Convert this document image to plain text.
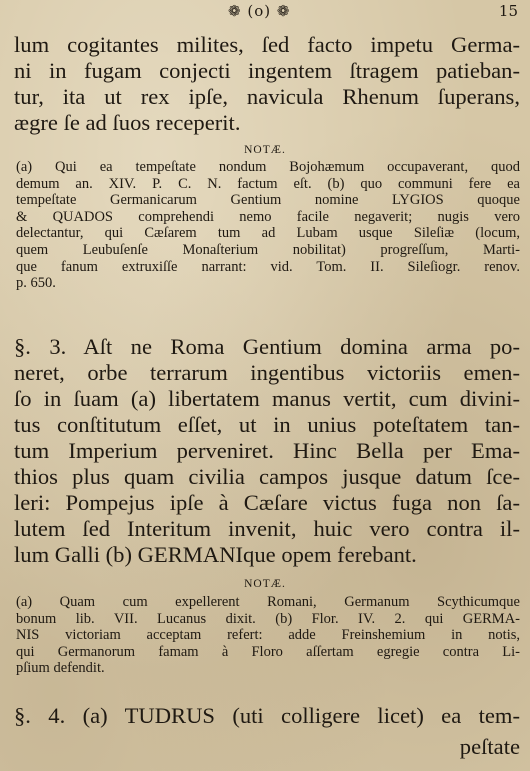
❁ (o) ❁	15
lum cogitantes milites, ſed facto impetu Germa-
ni in fugam conjecti ingentem ſtragem patieban-
tur, ita ut rex ipſe, navicula Rhenum ſuperans,
ægre ſe ad ſuos receperit.
NOTÆ.
(a) Qui ea tempeſtate nondum Bojohæmum occupaverant, quod
demum an. XIV. P. C. N. factum eſt. (b) quo communi fere ea
tempeſtate Germanicarum Gentium nomine LYGIOS quoque
& QUADOS comprehendi nemo facile negaverit; nugis vero
delectantur, qui Cæſarem tum ad Lubam usque Sileſiæ (locum,
quem Leubuſenſe Monaſterium nobilitat) progreſſum, Marti-
que fanum extruxiſſe narrant: vid. Tom. II. Sileſiogr. renov.
p. 650.
§. 3. Aſt ne Roma Gentium domina arma po-
neret, orbe terrarum ingentibus victoriis emen-
ſo in ſuam (a) libertatem manus vertit, cum divini-
tus conſtitutum eſſet, ut in unius poteſtatem tan-
tum Imperium perveniret. Hinc Bella per Ema-
thios plus quam civilia campos jusque datum ſce-
leri: Pompejus ipſe à Cæſare victus fuga non ſa-
lutem ſed Interitum invenit, huic vero contra il-
lum Galli (b) GERMANIque opem ferebant.
NOTÆ.
(a) Quam cum expellerent Romani, Germanum Scythicumque
bonum lib. VII. Lucanus dixit. (b) Flor. IV. 2. qui GERMA-
NIS victoriam acceptam refert: adde Freinshemium in notis,
qui Germanorum famam à Floro aſſertam egregie contra Li-
pſium defendit.
§. 4. (a) TUDRUS (uti colligere licet) ea tem-
peſtate
